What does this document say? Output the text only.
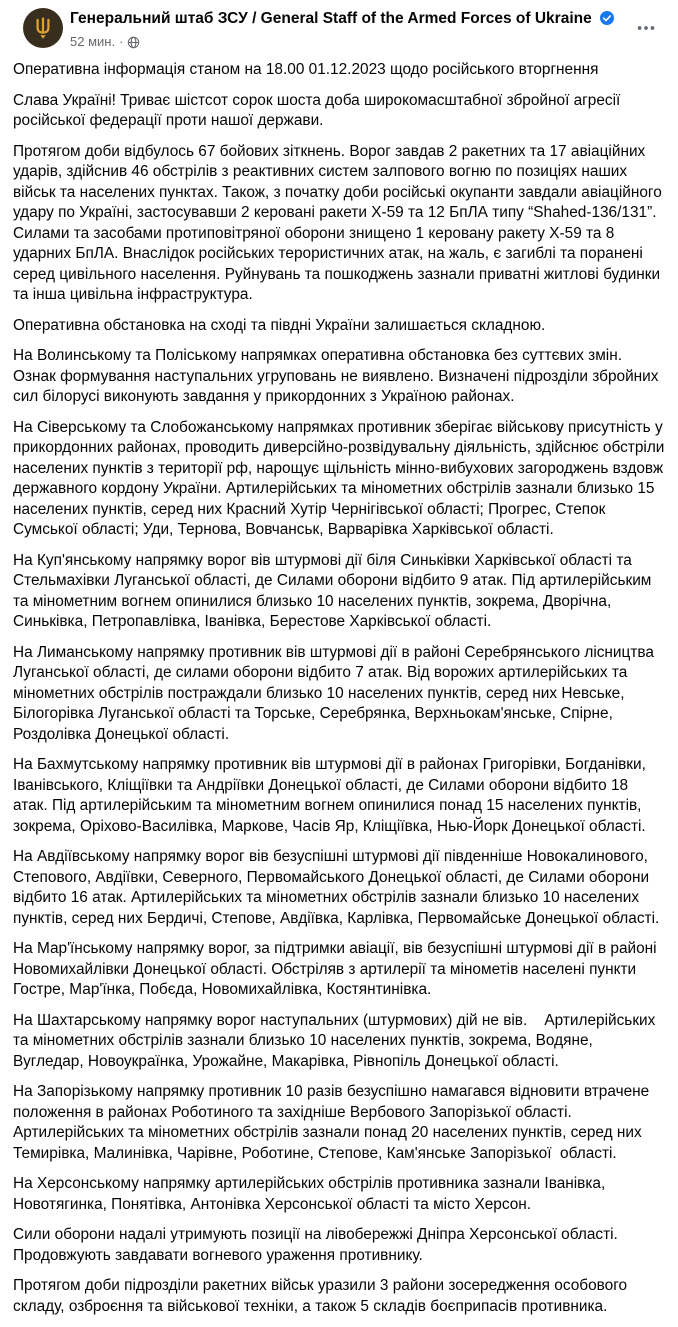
Генеральний штаб ЗСУ / General Staff of the Armed Forces of Ukraine
52 мин. ·

Оперативна інформація станом на 18.00 01.12.2023 щодо російського вторгнення

Слава Україні! Триває шістсот сорок шоста доба широкомасштабної збройної агресії російської федерації проти нашої держави.

Протягом доби відбулось 67 бойових зіткнень. Ворог завдав 2 ракетних та 17 авіаційних ударів, здійснив 46 обстрілів з реактивних систем залпового вогню по позиціях наших військ та населених пунктах. Також, з початку доби російські окупанти завдали авіаційного удару по Україні, застосувавши 2 керовані ракети Х-59 та 12 БпЛА типу “Shahed-136/131”. Силами та засобами протиповітряної оборони знищено 1 керовану ракету Х-59 та 8 ударних БпЛА. Внаслідок російських терористичних атак, на жаль, є загиблі та поранені серед цивільного населення. Руйнувань та пошкоджень зазнали приватні житлові будинки та інша цивільна інфраструктура.

Оперативна обстановка на сході та півдні України залишається складною.

На Волинському та Поліському напрямках оперативна обстановка без суттєвих змін. Ознак формування наступальних угруповань не виявлено. Визначені підрозділи збройних сил білорусі виконують завдання у прикордонних з Україною районах.

На Сіверському та Слобожанському напрямках противник зберігає військову присутність у прикордонних районах, проводить диверсійно-розвідувальну діяльність, здійснює обстріли населених пунктів з території рф, нарощує щільність мінно-вибухових загороджень вздовж державного кордону України. Артилерійських та мінометних обстрілів зазнали близько 15 населених пунктів, серед них Красний Хутір Чернігівської області; Прогрес, Степок Сумської області; Уди, Тернова, Вовчанськ, Варварівка Харківської області.

На Куп'янському напрямку ворог вів штурмові дії біля Синьківки Харківської області та Стельмахівки Луганської області, де Силами оборони відбито 9 атак. Під артилерійським та мінометним вогнем опинилися близько 10 населених пунктів, зокрема, Дворічна, Синьківка, Петропавлівка, Іванівка, Берестове Харківської області.

На Лиманському напрямку противник вів штурмові дії в районі Серебрянського лісництва Луганської області, де силами оборони відбито 7 атак. Від ворожих артилерійських та мінометних обстрілів постраждали близько 10 населених пунктів, серед них Невське, Білогорівка Луганської області та Торське, Серебрянка, Верхньокам'янське, Спірне, Роздолівка Донецької області.

На Бахмутському напрямку противник вів штурмові дії в районах Григорівки, Богданівки, Іванівського, Кліщіївки та Андріївки Донецької області, де Силами оборони відбито 18 атак. Під артилерійським та мінометним вогнем опинилися понад 15 населених пунктів, зокрема, Оріхово-Василівка, Маркове, Часів Яр, Кліщіївка, Нью-Йорк Донецької області.

На Авдіївському напрямку ворог вів безуспішні штурмові дії південніше Новокалинового, Степового, Авдіївки, Северного, Первомайського Донецької області, де Силами оборони відбито 16 атак. Артилерійських та мінометних обстрілів зазнали близько 10 населених пунктів, серед них Бердичі, Степове, Авдіївка, Карлівка, Первомайське Донецької області.

На Мар'їнському напрямку ворог, за підтримки авіації, вів безуспішні штурмові дії в районі Новомихайлівки Донецької області. Обстріляв з артилерії та мінометів населені пункти Гостре, Мар'їнка, Побєда, Новомихайлівка, Костянтинівка.

На Шахтарському напрямку ворог наступальних (штурмових) дій не вів.    Артилерійських та мінометних обстрілів зазнали близько 10 населених пунктів, зокрема, Водяне, Вугледар, Новоукраїнка, Урожайне, Макарівка, Рівнопіль Донецької області.

На Запорізькому напрямку противник 10 разів безуспішно намагався відновити втрачене положення в районах Роботиного та західніше Вербового Запорізької області. Артилерійських та мінометних обстрілів зазнали понад 20 населених пунктів, серед них Темирівка, Малинівка, Чарівне, Роботине, Степове, Кам'янське Запорізької  області.

На Херсонському напрямку артилерійських обстрілів противника зазнали Іванівка, Новотягинка, Понятівка, Антонівка Херсонської області та місто Херсон.

Сили оборони надалі утримують позиції на лівобережжі Дніпра Херсонської області. Продовжують завдавати вогневого ураження противнику.

Протягом доби підрозділи ракетних військ уразили 3 райони зосередження особового складу, озброєння та військової техніки, а також 5 складів боєприпасів противника.
